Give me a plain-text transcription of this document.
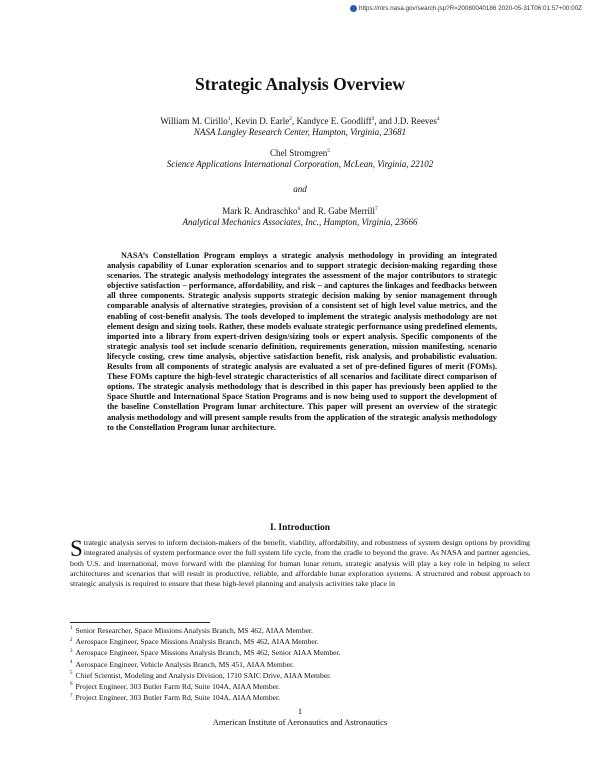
https://ntrs.nasa.gov/search.jsp?R=20080040186 2020-05-31T06:01:57+00:00Z
Strategic Analysis Overview
William M. Cirillo$^1$, Kevin D. Earle$^2$, Kandyce E. Goodliff$^3$, and J.D. Reeves$^4$
NASA Langley Research Center, Hampton, Virginia, 23681
Chel Stromgren$^5$
Science Applications International Corporation, McLean, Virginia, 22102
and
Mark R. Andraschko$^6$ and R. Gabe Merrill$^7$
Analytical Mechanics Associates, Inc., Hampton, Virginia, 23666

NASA’s Constellation Program employs a strategic analysis methodology in providing an integrated analysis capability of Lunar exploration scenarios and to support strategic decision-making regarding those scenarios. The strategic analysis methodology integrates the assessment of the major contributors to strategic objective satisfaction – performance, affordability, and risk – and captures the linkages and feedbacks between all three components. Strategic analysis supports strategic decision making by senior management through comparable analysis of alternative strategies, provision of a consistent set of high level value metrics, and the enabling of cost-benefit analysis. The tools developed to implement the strategic analysis methodology are not element design and sizing tools. Rather, these models evaluate strategic performance using predefined elements, imported into a library from expert-driven design/sizing tools or expert analysis. Specific components of the strategic analysis tool set include scenario definition, requirements generation, mission manifesting, scenario lifecycle costing, crew time analysis, objective satisfaction benefit, risk analysis, and probabilistic evaluation. Results from all components of strategic analysis are evaluated a set of pre-defined figures of merit (FOMs). These FOMs capture the high-level strategic characteristics of all scenarios and facilitate direct comparison of options. The strategic analysis methodology that is described in this paper has previously been applied to the Space Shuttle and International Space Station Programs and is now being used to support the development of the baseline Constellation Program lunar architecture. This paper will present an overview of the strategic analysis methodology and will present sample results from the application of the strategic analysis methodology to the Constellation Program lunar architecture.

I. Introduction

Strategic analysis serves to inform decision-makers of the benefit, viability, affordability, and robustness of system design options by providing integrated analysis of system performance over the full system life cycle, from the cradle to beyond the grave. As NASA and partner agencies, both U.S. and international, move forward with the planning for human lunar return, strategic analysis will play a key role in helping to select architectures and scenarios that will result in productive, reliable, and affordable lunar exploration systems. A structured and robust approach to strategic analysis is required to ensure that these high-level planning and analysis activities take place in

$^1$ Senior Researcher, Space Missions Analysis Branch, MS 462, AIAA Member.
$^2$ Aerospace Engineer, Space Missions Analysis Branch, MS 462, AIAA Member.
$^3$ Aerospace Engineer, Space Missions Analysis Branch, MS 462, Senior AIAA Member.
$^4$ Aerospace Engineer, Vehicle Analysis Branch, MS 451, AIAA Member.
$^5$ Chief Scientist, Modeling and Analysis Division, 1710 SAIC Drive, AIAA Member.
$^6$ Project Engineer, 303 Butler Farm Rd, Suite 104A, AIAA Member.
$^7$ Project Engineer, 303 Butler Farm Rd, Suite 104A, AIAA Member.
1
American Institute of Aeronautics and Astronautics
